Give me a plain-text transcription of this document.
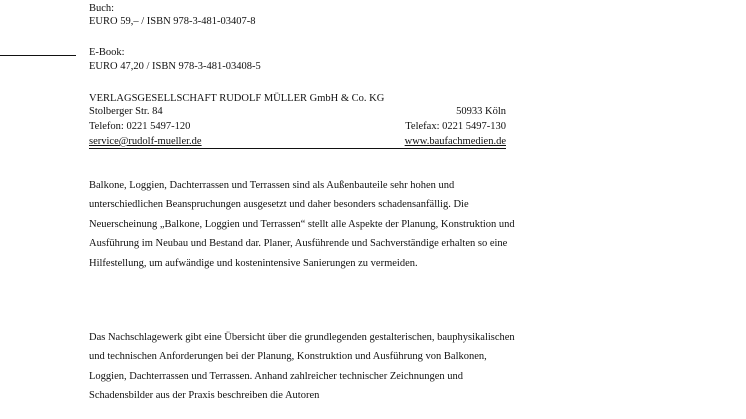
Buch:
EURO 59,– / ISBN 978-3-481-03407-8
E-Book:
EURO 47,20 / ISBN 978-3-481-03408-5
VERLAGSGESELLSCHAFT RUDOLF MÜLLER GmbH & Co. KG
Stolberger Str. 84	50933 Köln
Telefon: 0221 5497-120	Telefax: 0221 5497-130
service@rudolf-mueller.de	www.baufachmedien.de
Balkone, Loggien, Dachterrassen und Terrassen sind als Außenbauteile sehr hohen und unterschiedlichen Beanspruchungen ausgesetzt und daher besonders schadensanfällig. Die Neuerscheinung „Balkone, Loggien und Terrassen“ stellt alle Aspekte der Planung, Konstruktion und Ausführung im Neubau und Bestand dar. Planer, Ausführende und Sachverständige erhalten so eine Hilfestellung, um aufwändige und kostenintensive Sanierungen zu vermeiden.
Das Nachschlagewerk gibt eine Übersicht über die grundlegenden gestalterischen, bauphysikalischen und technischen Anforderungen bei der Planung, Konstruktion und Ausführung von Balkonen, Loggien, Dachterrassen und Terrassen. Anhand zahlreicher technischer Zeichnungen und Schadensbilder aus der Praxis beschreiben die Autoren
